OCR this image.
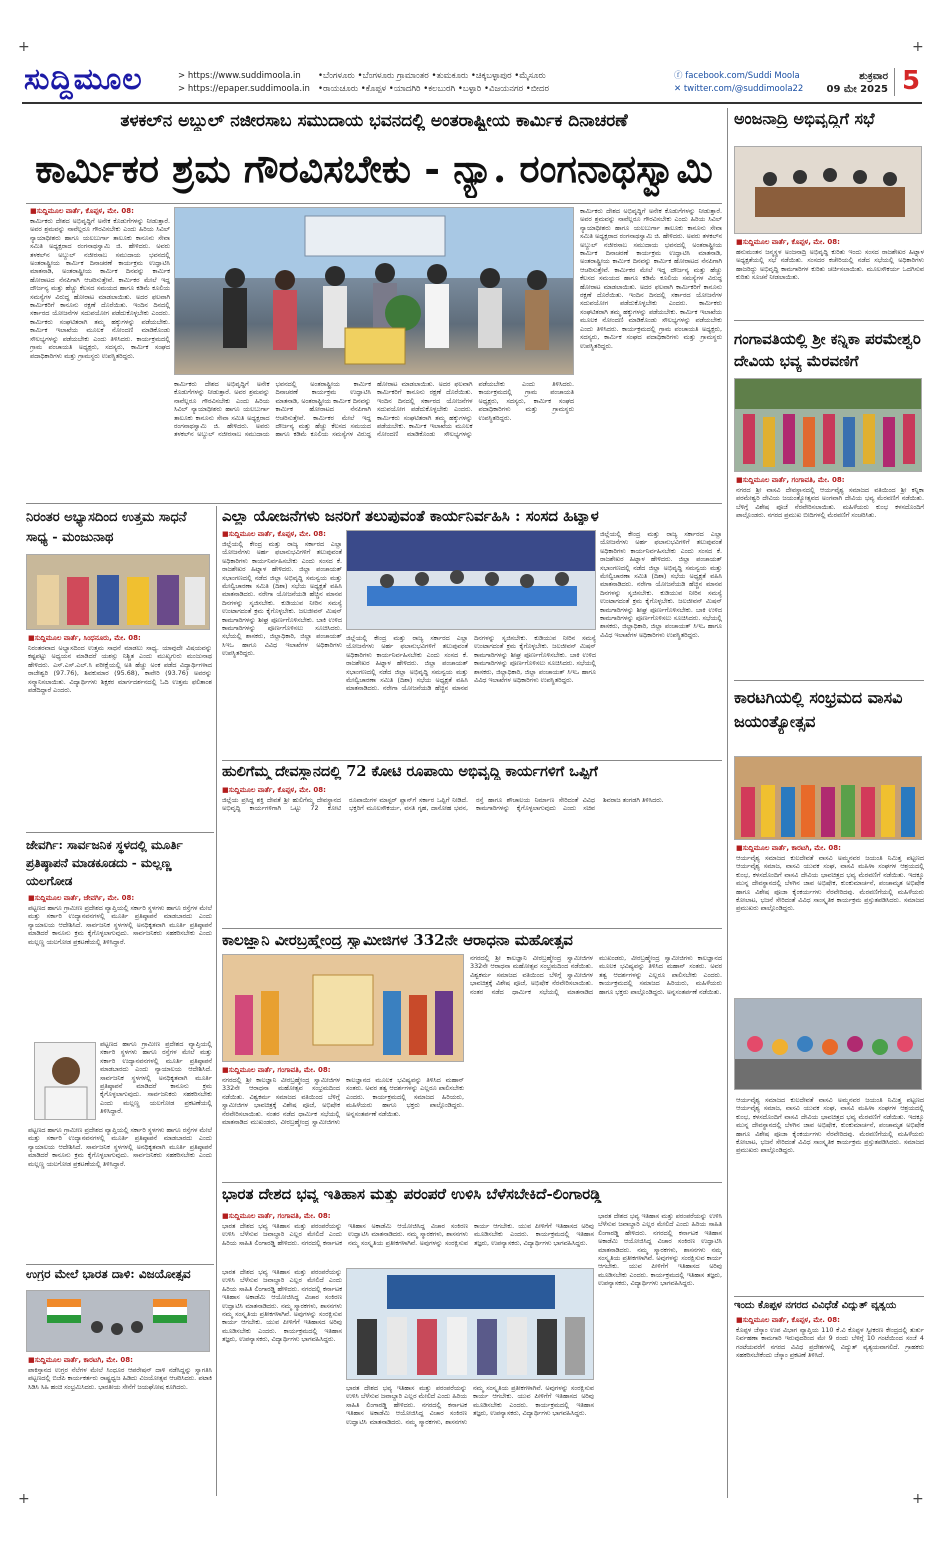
+	+
+	+
ಸುದ್ದಿಮೂಲ	> https://www.suddimoola.in
> https://epaper.suddimoola.in
•ಬೆಂಗಳೂರು •ಬೆಂಗಳೂರು ಗ್ರಾಮಾಂತರ •ತುಮಕೂರು •ಚಿಕ್ಕಬಳ್ಳಾಪುರ •ಮೈಸೂರು
•ರಾಯಚೂರು •ಕೊಪ್ಪಳ •ಯಾದಗಿರಿ •ಕಲಬುರಗಿ •ಬಳ್ಳಾರಿ •ವಿಜಯನಗರ •ಬೀದರ
ⓕ facebook.com/Suddi Moola
✕ twitter.com/@suddimoola22
ಶುಕ್ರವಾರ
09 ಮೇ 2025 5
ತಳಕಲ್‌ನ ಅಬ್ದುಲ್ ನಜೀರಸಾಬ ಸಮುದಾಯ ಭವನದಲ್ಲಿ ಅಂತರಾಷ್ಟ್ರೀಯ ಕಾರ್ಮಿಕ ದಿನಾಚರಣೆ
ಕಾರ್ಮಿಕರ ಶ್ರಮ ಗೌರವಿಸಬೇಕು - ನ್ಯಾ. ರಂಗನಾಥಸ್ವಾಮಿ
■ಸುದ್ದಿಮೂಲ ವಾರ್ತೆ, ಕೊಪ್ಪಳ, ಮೇ. 08:
ಕಾರ್ಮಿಕರು ದೇಶದ ಅಭಿವೃದ್ಧಿಗೆ ಅನೇಕ ಕೊಡುಗೆಗಳನ್ನು ನೀಡುತ್ತಾರೆ. ಅವರ ಶ್ರಮವನ್ನು ನಾವೆಲ್ಲರೂ ಗೌರವಿಸಬೇಕು ಎಂದು ಹಿರಿಯ ಸಿವಿಲ್ ನ್ಯಾಯಾಧೀಶರು ಹಾಗೂ ಯಲಬುರ್ಗಾ ತಾಲೂಕು ಕಾನೂನು ಸೇವಾ ಸಮಿತಿ ಅಧ್ಯಕ್ಷರಾದ ರಂಗನಾಥಸ್ವಾಮಿ ಜಿ. ಹೇಳಿದರು. ಅವರು ತಳಕಲ್‌ನ ಅಬ್ದುಲ್ ನಜೀರಸಾಬ ಸಮುದಾಯ ಭವನದಲ್ಲಿ ಅಂತರಾಷ್ಟ್ರೀಯ ಕಾರ್ಮಿಕ ದಿನಾಚರಣೆ ಕಾರ್ಯಕ್ರಮ ಉದ್ಘಾಟಿಸಿ ಮಾತನಾಡಿ, ಅಂತರಾಷ್ಟ್ರೀಯ ಕಾರ್ಮಿಕ ದಿನವನ್ನು ಕಾರ್ಮಿಕ ಹೋರಾಟದ ನೆನಪಿಗಾಗಿ ಆಚರಿಸುತ್ತೇವೆ. ಕಾರ್ಮಿಕರ ಮೇಲೆ ಇದ್ದ ದೌರ್ಜನ್ಯ ಮತ್ತು ಹೆಚ್ಚು ಕೆಲಸದ ಸಮಯದ ಹಾಗೂ ಕಡಿಮೆ ಕೂಲಿಯ ಸಮಸ್ಯೆಗಳ ವಿರುದ್ಧ ಹೋರಾಟ ಮಾಡಲಾಯಿತು. ಅದರ ಫಲವಾಗಿ ಕಾರ್ಮಿಕರಿಗೆ ಕಾನೂನು ರಕ್ಷಣೆ ದೊರೆಯಿತು. ಇಂದಿನ ದಿನದಲ್ಲಿ ಸರ್ಕಾರದ ಯೋಜನೆಗಳ ಸದುಪಯೋಗ ಪಡೆದುಕೊಳ್ಳಬೇಕು ಎಂದರು. ಕಾರ್ಮಿಕರು ಸಂಘಟಿತರಾಗಿ ತಮ್ಮ ಹಕ್ಕುಗಳನ್ನು ಪಡೆಯಬೇಕು. ಕಾರ್ಮಿಕ ಇಲಾಖೆಯ ಮೂಲಕ ನೋಂದಣಿ ಮಾಡಿಕೊಂಡು ಸೌಲಭ್ಯಗಳನ್ನು ಪಡೆಯಬೇಕು ಎಂದು ತಿಳಿಸಿದರು. ಕಾರ್ಯಕ್ರಮದಲ್ಲಿ ಗ್ರಾಮ ಪಂಚಾಯತಿ ಅಧ್ಯಕ್ಷರು, ಸದಸ್ಯರು, ಕಾರ್ಮಿಕ ಸಂಘದ ಪದಾಧಿಕಾರಿಗಳು ಮತ್ತು ಗ್ರಾಮಸ್ಥರು ಉಪಸ್ಥಿತರಿದ್ದರು.
ಕಾರ್ಮಿಕರು ದೇಶದ ಅಭಿವೃದ್ಧಿಗೆ ಅನೇಕ ಕೊಡುಗೆಗಳನ್ನು ನೀಡುತ್ತಾರೆ. ಅವರ ಶ್ರಮವನ್ನು ನಾವೆಲ್ಲರೂ ಗೌರವಿಸಬೇಕು ಎಂದು ಹಿರಿಯ ಸಿವಿಲ್ ನ್ಯಾಯಾಧೀಶರು ಹಾಗೂ ಯಲಬುರ್ಗಾ ತಾಲೂಕು ಕಾನೂನು ಸೇವಾ ಸಮಿತಿ ಅಧ್ಯಕ್ಷರಾದ ರಂಗನಾಥಸ್ವಾಮಿ ಜಿ. ಹೇಳಿದರು. ಅವರು ತಳಕಲ್‌ನ ಅಬ್ದುಲ್ ನಜೀರಸಾಬ ಸಮುದಾಯ ಭವನದಲ್ಲಿ ಅಂತರಾಷ್ಟ್ರೀಯ ಕಾರ್ಮಿಕ ದಿನಾಚರಣೆ ಕಾರ್ಯಕ್ರಮ ಉದ್ಘಾಟಿಸಿ ಮಾತನಾಡಿ, ಅಂತರಾಷ್ಟ್ರೀಯ ಕಾರ್ಮಿಕ ದಿನವನ್ನು ಕಾರ್ಮಿಕ ಹೋರಾಟದ ನೆನಪಿಗಾಗಿ ಆಚರಿಸುತ್ತೇವೆ. ಕಾರ್ಮಿಕರ ಮೇಲೆ ಇದ್ದ ದೌರ್ಜನ್ಯ ಮತ್ತು ಹೆಚ್ಚು ಕೆಲಸದ ಸಮಯದ ಹಾಗೂ ಕಡಿಮೆ ಕೂಲಿಯ ಸಮಸ್ಯೆಗಳ ವಿರುದ್ಧ ಹೋರಾಟ ಮಾಡಲಾಯಿತು. ಅದರ ಫಲವಾಗಿ ಕಾರ್ಮಿಕರಿಗೆ ಕಾನೂನು ರಕ್ಷಣೆ ದೊರೆಯಿತು. ಇಂದಿನ ದಿನದಲ್ಲಿ ಸರ್ಕಾರದ ಯೋಜನೆಗಳ ಸದುಪಯೋಗ ಪಡೆದುಕೊಳ್ಳಬೇಕು ಎಂದರು. ಕಾರ್ಮಿಕರು ಸಂಘಟಿತರಾಗಿ ತಮ್ಮ ಹಕ್ಕುಗಳನ್ನು ಪಡೆಯಬೇಕು. ಕಾರ್ಮಿಕ ಇಲಾಖೆಯ ಮೂಲಕ ನೋಂದಣಿ ಮಾಡಿಕೊಂಡು ಸೌಲಭ್ಯಗಳನ್ನು ಪಡೆಯಬೇಕು ಎಂದು ತಿಳಿಸಿದರು. ಕಾರ್ಯಕ್ರಮದಲ್ಲಿ ಗ್ರಾಮ ಪಂಚಾಯತಿ ಅಧ್ಯಕ್ಷರು, ಸದಸ್ಯರು, ಕಾರ್ಮಿಕ ಸಂಘದ ಪದಾಧಿಕಾರಿಗಳು ಮತ್ತು ಗ್ರಾಮಸ್ಥರು ಉಪಸ್ಥಿತರಿದ್ದರು.
ಕಾರ್ಮಿಕರು ದೇಶದ ಅಭಿವೃದ್ಧಿಗೆ ಅನೇಕ ಕೊಡುಗೆಗಳನ್ನು ನೀಡುತ್ತಾರೆ. ಅವರ ಶ್ರಮವನ್ನು ನಾವೆಲ್ಲರೂ ಗೌರವಿಸಬೇಕು ಎಂದು ಹಿರಿಯ ಸಿವಿಲ್ ನ್ಯಾಯಾಧೀಶರು ಹಾಗೂ ಯಲಬುರ್ಗಾ ತಾಲೂಕು ಕಾನೂನು ಸೇವಾ ಸಮಿತಿ ಅಧ್ಯಕ್ಷರಾದ ರಂಗನಾಥಸ್ವಾಮಿ ಜಿ. ಹೇಳಿದರು. ಅವರು ತಳಕಲ್‌ನ ಅಬ್ದುಲ್ ನಜೀರಸಾಬ ಸಮುದಾಯ ಭವನದಲ್ಲಿ ಅಂತರಾಷ್ಟ್ರೀಯ ಕಾರ್ಮಿಕ ದಿನಾಚರಣೆ ಕಾರ್ಯಕ್ರಮ ಉದ್ಘಾಟಿಸಿ ಮಾತನಾಡಿ, ಅಂತರಾಷ್ಟ್ರೀಯ ಕಾರ್ಮಿಕ ದಿನವನ್ನು ಕಾರ್ಮಿಕ ಹೋರಾಟದ ನೆನಪಿಗಾಗಿ ಆಚರಿಸುತ್ತೇವೆ. ಕಾರ್ಮಿಕರ ಮೇಲೆ ಇದ್ದ ದೌರ್ಜನ್ಯ ಮತ್ತು ಹೆಚ್ಚು ಕೆಲಸದ ಸಮಯದ ಹಾಗೂ ಕಡಿಮೆ ಕೂಲಿಯ ಸಮಸ್ಯೆಗಳ ವಿರುದ್ಧ ಹೋರಾಟ ಮಾಡಲಾಯಿತು. ಅದರ ಫಲವಾಗಿ ಕಾರ್ಮಿಕರಿಗೆ ಕಾನೂನು ರಕ್ಷಣೆ ದೊರೆಯಿತು. ಇಂದಿನ ದಿನದಲ್ಲಿ ಸರ್ಕಾರದ ಯೋಜನೆಗಳ ಸದುಪಯೋಗ ಪಡೆದುಕೊಳ್ಳಬೇಕು ಎಂದರು. ಕಾರ್ಮಿಕರು ಸಂಘಟಿತರಾಗಿ ತಮ್ಮ ಹಕ್ಕುಗಳನ್ನು ಪಡೆಯಬೇಕು. ಕಾರ್ಮಿಕ ಇಲಾಖೆಯ ಮೂಲಕ ನೋಂದಣಿ ಮಾಡಿಕೊಂಡು ಸೌಲಭ್ಯಗಳನ್ನು ಪಡೆಯಬೇಕು ಎಂದು ತಿಳಿಸಿದರು. ಕಾರ್ಯಕ್ರಮದಲ್ಲಿ ಗ್ರಾಮ ಪಂಚಾಯತಿ ಅಧ್ಯಕ್ಷರು, ಸದಸ್ಯರು, ಕಾರ್ಮಿಕ ಸಂಘದ ಪದಾಧಿಕಾರಿಗಳು ಮತ್ತು ಗ್ರಾಮಸ್ಥರು ಉಪಸ್ಥಿತರಿದ್ದರು.
ಅಂಜನಾದ್ರಿ ಅಭಿವೃದ್ಧಿಗೆ ಸಭೆ
■ಸುದ್ದಿಮೂಲ ವಾರ್ತೆ, ಕೊಪ್ಪಳ, ಮೇ. 08:
ಹನುಮಂತನ ಜನ್ಮಸ್ಥಳ ಅಂಜನಾದ್ರಿ ಅಭಿವೃದ್ಧಿ ಕುರಿತು ಇಂದು ಸಂಸದ ರಾಜಶೇಖರ ಹಿಟ್ನಾಳ ಅಧ್ಯಕ್ಷತೆಯಲ್ಲಿ ಸಭೆ ನಡೆಯಿತು. ಸಂಸದರ ಕಚೇರಿಯಲ್ಲಿ ನಡೆದ ಸಭೆಯಲ್ಲಿ ಅಧಿಕಾರಿಗಳು ಹಾಜರಿದ್ದು ಅಭಿವೃದ್ಧಿ ಕಾಮಗಾರಿಗಳ ಕುರಿತು ಚರ್ಚಿಸಲಾಯಿತು. ಮೂಲಸೌಕರ್ಯ ಒದಗಿಸುವ ಕುರಿತು ಸೂಚನೆ ನೀಡಲಾಯಿತು.
ಗಂಗಾವತಿಯಲ್ಲಿ ಶ್ರೀ ಕನ್ನಿಕಾ ಪರಮೇಶ್ವರಿ ದೇವಿಯ ಭವ್ಯ ಮೆರವಣಿಗೆ
■ಸುದ್ದಿಮೂಲ ವಾರ್ತೆ, ಗಂಗಾವತಿ, ಮೇ. 08:
ನಗರದ ಶ್ರೀ ವಾಸವಿ ದೇವಸ್ಥಾನದಲ್ಲಿ ಆರ್ಯವೈಶ್ಯ ಸಮಾಜದ ವತಿಯಿಂದ ಶ್ರೀ ಕನ್ನಿಕಾ ಪರಮೇಶ್ವರಿ ದೇವಿಯ ಜಯಂತ್ಯೋತ್ಸವದ ಅಂಗವಾಗಿ ದೇವಿಯ ಭವ್ಯ ಮೆರವಣಿಗೆ ನಡೆಯಿತು. ಬೆಳಿಗ್ಗೆ ವಿಶೇಷ ಪೂಜೆ ನೆರವೇರಿಸಲಾಯಿತು. ಮಹಿಳೆಯರು ಕುಂಭ ಕಳಸದೊಂದಿಗೆ ಪಾಲ್ಗೊಂಡರು. ನಗರದ ಪ್ರಮುಖ ಬೀದಿಗಳಲ್ಲಿ ಮೆರವಣಿಗೆ ಸಂಚರಿಸಿತು.
ಕಾರಟಗಿಯಲ್ಲಿ ಸಂಭ್ರಮದ ವಾಸವಿ ಜಯಂತ್ಯೋತ್ಸವ
■ಸುದ್ದಿಮೂಲ ವಾರ್ತೆ, ಕಾರಟಗಿ, ಮೇ. 08:
ಆರ್ಯವೈಶ್ಯ ಸಮಾಜದ ಕುಲದೇವತೆ ವಾಸವಿ ಅಮ್ಮನವರ ಜಯಂತಿ ನಿಮಿತ್ತ ಪಟ್ಟಣದ ಆರ್ಯವೈಶ್ಯ ಸಮಾಜ, ವಾಸವಿ ಯುವಕ ಸಂಘ, ವಾಸವಿ ಮಹಿಳಾ ಸಂಘಗಳ ಆಶ್ರಯದಲ್ಲಿ ಕುಂಭ, ಕಳಸದೊಂದಿಗೆ ವಾಸವಿ ದೇವಿಯ ಭಾವಚಿತ್ರದ ಭವ್ಯ ಮೆರವಣಿಗೆ ನಡೆಯಿತು. ಇದಕ್ಕೂ ಮುನ್ನ ದೇವಸ್ಥಾನದಲ್ಲಿ ಬೆಳಗಿನ ಜಾವ ಅಭಿಷೇಕ, ಕುಂಕುಮಾರ್ಚನೆ, ಪಂಚಾಮೃತ ಅಭಿಷೇಕ ಹಾಗೂ ವಿಶೇಷ ಪೂಜಾ ಕೈಂಕರ್ಯಗಳು ನೆರವೇರಿದವು. ಮೆರವಣಿಗೆಯಲ್ಲಿ ಮಹಿಳೆಯರು ಕೋಲಾಟ, ಭಜನೆ ಸೇರಿದಂತೆ ವಿವಿಧ ಸಾಂಸ್ಕೃತಿಕ ಕಾರ್ಯಕ್ರಮ ಪ್ರಸ್ತುತಪಡಿಸಿದರು. ಸಮಾಜದ ಪ್ರಮುಖರು ಪಾಲ್ಗೊಂಡಿದ್ದರು.
ಆರ್ಯವೈಶ್ಯ ಸಮಾಜದ ಕುಲದೇವತೆ ವಾಸವಿ ಅಮ್ಮನವರ ಜಯಂತಿ ನಿಮಿತ್ತ ಪಟ್ಟಣದ ಆರ್ಯವೈಶ್ಯ ಸಮಾಜ, ವಾಸವಿ ಯುವಕ ಸಂಘ, ವಾಸವಿ ಮಹಿಳಾ ಸಂಘಗಳ ಆಶ್ರಯದಲ್ಲಿ ಕುಂಭ, ಕಳಸದೊಂದಿಗೆ ವಾಸವಿ ದೇವಿಯ ಭಾವಚಿತ್ರದ ಭವ್ಯ ಮೆರವಣಿಗೆ ನಡೆಯಿತು. ಇದಕ್ಕೂ ಮುನ್ನ ದೇವಸ್ಥಾನದಲ್ಲಿ ಬೆಳಗಿನ ಜಾವ ಅಭಿಷೇಕ, ಕುಂಕುಮಾರ್ಚನೆ, ಪಂಚಾಮೃತ ಅಭಿಷೇಕ ಹಾಗೂ ವಿಶೇಷ ಪೂಜಾ ಕೈಂಕರ್ಯಗಳು ನೆರವೇರಿದವು. ಮೆರವಣಿಗೆಯಲ್ಲಿ ಮಹಿಳೆಯರು ಕೋಲಾಟ, ಭಜನೆ ಸೇರಿದಂತೆ ವಿವಿಧ ಸಾಂಸ್ಕೃತಿಕ ಕಾರ್ಯಕ್ರಮ ಪ್ರಸ್ತುತಪಡಿಸಿದರು. ಸಮಾಜದ ಪ್ರಮುಖರು ಪಾಲ್ಗೊಂಡಿದ್ದರು.
ಇಂದು ಕೊಪ್ಪಳ ನಗರದ ವಿವಿಧೆಡೆ ವಿದ್ಯುತ್ ವ್ಯತ್ಯಯ
■ಸುದ್ದಿಮೂಲ ವಾರ್ತೆ, ಕೊಪ್ಪಳ, ಮೇ. 08:
ಕೊಪ್ಪಳ ಜೆಸ್ಕಾಂ ಉಪ ವಿಭಾಗ ವ್ಯಾಪ್ತಿಯ 110 ಕೆ.ವಿ ಕೊಪ್ಪಳ ಸ್ವೀಕರಣ ಕೇಂದ್ರದಲ್ಲಿ ತುರ್ತು ನಿರ್ವಹಣಾ ಕಾಮಗಾರಿ ಇರುವುದರಿಂದ ಮೇ 9 ರಂದು ಬೆಳಿಗ್ಗೆ 10 ಗಂಟೆಯಿಂದ ಸಂಜೆ 4 ಗಂಟೆಯವರೆಗೆ ನಗರದ ವಿವಿಧ ಪ್ರದೇಶಗಳಲ್ಲಿ ವಿದ್ಯುತ್ ವ್ಯತ್ಯಯವಾಗಲಿದೆ. ಗ್ರಾಹಕರು ಸಹಕರಿಸಬೇಕೆಂದು ಜೆಸ್ಕಾಂ ಪ್ರಕಟಣೆ ತಿಳಿಸಿದೆ.
ನಿರಂತರ ಅಭ್ಯಾಸದಿಂದ ಉತ್ತಮ ಸಾಧನೆ ಸಾಧ್ಯ - ಮಂಜುನಾಥ
■ಸುದ್ದಿಮೂಲ ವಾರ್ತೆ, ಸಿಂಧನೂರು, ಮೇ. 08:
ನಿರಂತರವಾದ ಅಭ್ಯಾಸದಿಂದ ಉತ್ತಮ ಸಾಧನೆ ಮಾಡಲು ಸಾಧ್ಯ. ಯಾವುದೇ ವಿಷಯವನ್ನು ಕಷ್ಟಪಟ್ಟು ಅಧ್ಯಯನ ಮಾಡಿದರೆ ಯಶಸ್ಸು ನಿಶ್ಚಿತ ಎಂದು ಮುಖ್ಯಗುರು ಮಂಜುನಾಥ ಹೇಳಿದರು. ಎಸ್.ಎಸ್.ಎಲ್.ಸಿ ಪರೀಕ್ಷೆಯಲ್ಲಿ ಅತಿ ಹೆಚ್ಚು ಅಂಕ ಪಡೆದ ವಿದ್ಯಾರ್ಥಿಗಳಾದ ರಾಜೇಶ್ವರಿ (97.76), ಶಿವಕುಮಾರ (95.68), ಕಾವೇರಿ (93.76) ಅವರನ್ನು ಸನ್ಮಾನಿಸಲಾಯಿತು. ವಿದ್ಯಾರ್ಥಿಗಳು ಶಿಕ್ಷಕರ ಮಾರ್ಗದರ್ಶನದಲ್ಲಿ ಓದಿ ಉತ್ತಮ ಫಲಿತಾಂಶ ಪಡೆದಿದ್ದಾರೆ ಎಂದರು.
ಜೇವರ್ಗಿ: ಸಾರ್ವಜನಿಕ ಸ್ಥಳದಲ್ಲಿ ಮೂರ್ತಿ ಪ್ರತಿಷ್ಠಾಪನೆ ಮಾಡಕೂಡದು - ಮಲ್ಲಣ್ಣ ಯಲಗೋಡ
■ಸುದ್ದಿಮೂಲ ವಾರ್ತೆ, ಜೇವರ್ಗಿ, ಮೇ. 08:
ಪಟ್ಟಣದ ಹಾಗೂ ಗ್ರಾಮೀಣ ಪ್ರದೇಶದ ವ್ಯಾಪ್ತಿಯಲ್ಲಿ ಸರ್ಕಾರಿ ಸ್ಥಳಗಳು ಹಾಗೂ ರಸ್ತೆಗಳ ಮೇಲೆ ಮತ್ತು ಸರ್ಕಾರಿ ಉದ್ಯಾನವನಗಳಲ್ಲಿ ಮೂರ್ತಿ ಪ್ರತಿಷ್ಠಾಪನೆ ಮಾಡಬಾರದು ಎಂದು ನ್ಯಾಯಾಲಯ ಆದೇಶಿಸಿದೆ. ಸಾರ್ವಜನಿಕ ಸ್ಥಳಗಳಲ್ಲಿ ಅನಧಿಕೃತವಾಗಿ ಮೂರ್ತಿ ಪ್ರತಿಷ್ಠಾಪನೆ ಮಾಡಿದರೆ ಕಾನೂನು ಕ್ರಮ ಕೈಗೊಳ್ಳಲಾಗುವುದು. ಸಾರ್ವಜನಿಕರು ಸಹಕರಿಸಬೇಕು ಎಂದು ಮಲ್ಲಣ್ಣ ಯಲಗೋಡ ಪ್ರಕಟಣೆಯಲ್ಲಿ ತಿಳಿಸಿದ್ದಾರೆ.
ಪಟ್ಟಣದ ಹಾಗೂ ಗ್ರಾಮೀಣ ಪ್ರದೇಶದ ವ್ಯಾಪ್ತಿಯಲ್ಲಿ ಸರ್ಕಾರಿ ಸ್ಥಳಗಳು ಹಾಗೂ ರಸ್ತೆಗಳ ಮೇಲೆ ಮತ್ತು ಸರ್ಕಾರಿ ಉದ್ಯಾನವನಗಳಲ್ಲಿ ಮೂರ್ತಿ ಪ್ರತಿಷ್ಠಾಪನೆ ಮಾಡಬಾರದು ಎಂದು ನ್ಯಾಯಾಲಯ ಆದೇಶಿಸಿದೆ. ಸಾರ್ವಜನಿಕ ಸ್ಥಳಗಳಲ್ಲಿ ಅನಧಿಕೃತವಾಗಿ ಮೂರ್ತಿ ಪ್ರತಿಷ್ಠಾಪನೆ ಮಾಡಿದರೆ ಕಾನೂನು ಕ್ರಮ ಕೈಗೊಳ್ಳಲಾಗುವುದು. ಸಾರ್ವಜನಿಕರು ಸಹಕರಿಸಬೇಕು ಎಂದು ಮಲ್ಲಣ್ಣ ಯಲಗೋಡ ಪ್ರಕಟಣೆಯಲ್ಲಿ ತಿಳಿಸಿದ್ದಾರೆ.
ಪಟ್ಟಣದ ಹಾಗೂ ಗ್ರಾಮೀಣ ಪ್ರದೇಶದ ವ್ಯಾಪ್ತಿಯಲ್ಲಿ ಸರ್ಕಾರಿ ಸ್ಥಳಗಳು ಹಾಗೂ ರಸ್ತೆಗಳ ಮೇಲೆ ಮತ್ತು ಸರ್ಕಾರಿ ಉದ್ಯಾನವನಗಳಲ್ಲಿ ಮೂರ್ತಿ ಪ್ರತಿಷ್ಠಾಪನೆ ಮಾಡಬಾರದು ಎಂದು ನ್ಯಾಯಾಲಯ ಆದೇಶಿಸಿದೆ. ಸಾರ್ವಜನಿಕ ಸ್ಥಳಗಳಲ್ಲಿ ಅನಧಿಕೃತವಾಗಿ ಮೂರ್ತಿ ಪ್ರತಿಷ್ಠಾಪನೆ ಮಾಡಿದರೆ ಕಾನೂನು ಕ್ರಮ ಕೈಗೊಳ್ಳಲಾಗುವುದು. ಸಾರ್ವಜನಿಕರು ಸಹಕರಿಸಬೇಕು ಎಂದು ಮಲ್ಲಣ್ಣ ಯಲಗೋಡ ಪ್ರಕಟಣೆಯಲ್ಲಿ ತಿಳಿಸಿದ್ದಾರೆ.
ಉಗ್ರರ ಮೇಲೆ ಭಾರತ ದಾಳಿ: ವಿಜಯೋತ್ಸವ
■ಸುದ್ದಿಮೂಲ ವಾರ್ತೆ, ಕಾರಟಗಿ, ಮೇ. 08:
ಪಾಕಿಸ್ತಾನದ ಉಗ್ರರ ನೆಲೆಗಳ ಮೇಲೆ ಸಿಂಧೂರ ಆಪರೇಷನ್ ದಾಳಿ ನಡೆಸಿದ್ದನ್ನು ಸ್ವಾಗತಿಸಿ ಪಟ್ಟಣದಲ್ಲಿ ಬಿಜೆಪಿ ಕಾರ್ಯಕರ್ತರು ರಾಷ್ಟ್ರಧ್ವಜ ಹಿಡಿದು ವಿಜಯೋತ್ಸವ ಆಚರಿಸಿದರು. ಪಟಾಕಿ ಸಿಡಿಸಿ ಸಿಹಿ ಹಂಚಿ ಸಂಭ್ರಮಿಸಿದರು. ಭಾರತೀಯ ಸೇನೆಗೆ ಜಯಘೋಷ ಕೂಗಿದರು.
ಎಲ್ಲಾ ಯೋಜನೆಗಳು ಜನರಿಗೆ ತಲುಪುವಂತೆ ಕಾರ್ಯನಿರ್ವಹಿಸಿ : ಸಂಸದ ಹಿಟ್ನಾಳ
■ಸುದ್ದಿಮೂಲ ವಾರ್ತೆ, ಕೊಪ್ಪಳ, ಮೇ. 08:
ಜಿಲ್ಲೆಯಲ್ಲಿ ಕೇಂದ್ರ ಮತ್ತು ರಾಜ್ಯ ಸರ್ಕಾರದ ಎಲ್ಲಾ ಯೋಜನೆಗಳು ಅರ್ಹ ಫಲಾನುಭವಿಗಳಿಗೆ ತಲುಪುವಂತೆ ಅಧಿಕಾರಿಗಳು ಕಾರ್ಯನಿರ್ವಹಿಸಬೇಕು ಎಂದು ಸಂಸದ ಕೆ. ರಾಜಶೇಖರ ಹಿಟ್ನಾಳ ಹೇಳಿದರು. ಜಿಲ್ಲಾ ಪಂಚಾಯತ್ ಸಭಾಂಗಣದಲ್ಲಿ ನಡೆದ ಜಿಲ್ಲಾ ಅಭಿವೃದ್ಧಿ ಸಮನ್ವಯ ಮತ್ತು ಮೇಲ್ವಿಚಾರಣಾ ಸಮಿತಿ (ದಿಶಾ) ಸಭೆಯ ಅಧ್ಯಕ್ಷತೆ ವಹಿಸಿ ಮಾತನಾಡಿದರು. ನರೇಗಾ ಯೋಜನೆಯಡಿ ಹೆಚ್ಚಿನ ಮಾನವ ದಿನಗಳನ್ನು ಸೃಜಿಸಬೇಕು. ಕುಡಿಯುವ ನೀರಿನ ಸಮಸ್ಯೆ ಉಂಟಾಗದಂತೆ ಕ್ರಮ ಕೈಗೊಳ್ಳಬೇಕು. ಜಲಜೀವನ್ ಮಿಷನ್ ಕಾಮಗಾರಿಗಳನ್ನು ಶೀಘ್ರ ಪೂರ್ಣಗೊಳಿಸಬೇಕು. ಬಾಕಿ ಉಳಿದ ಕಾಮಗಾರಿಗಳನ್ನು ಪೂರ್ಣಗೊಳಿಸಲು ಸೂಚಿಸಿದರು. ಸಭೆಯಲ್ಲಿ ಶಾಸಕರು, ಜಿಲ್ಲಾಧಿಕಾರಿ, ಜಿಲ್ಲಾ ಪಂಚಾಯತ್ ಸಿಇಒ ಹಾಗೂ ವಿವಿಧ ಇಲಾಖೆಗಳ ಅಧಿಕಾರಿಗಳು ಉಪಸ್ಥಿತರಿದ್ದರು.
ಜಿಲ್ಲೆಯಲ್ಲಿ ಕೇಂದ್ರ ಮತ್ತು ರಾಜ್ಯ ಸರ್ಕಾರದ ಎಲ್ಲಾ ಯೋಜನೆಗಳು ಅರ್ಹ ಫಲಾನುಭವಿಗಳಿಗೆ ತಲುಪುವಂತೆ ಅಧಿಕಾರಿಗಳು ಕಾರ್ಯನಿರ್ವಹಿಸಬೇಕು ಎಂದು ಸಂಸದ ಕೆ. ರಾಜಶೇಖರ ಹಿಟ್ನಾಳ ಹೇಳಿದರು. ಜಿಲ್ಲಾ ಪಂಚಾಯತ್ ಸಭಾಂಗಣದಲ್ಲಿ ನಡೆದ ಜಿಲ್ಲಾ ಅಭಿವೃದ್ಧಿ ಸಮನ್ವಯ ಮತ್ತು ಮೇಲ್ವಿಚಾರಣಾ ಸಮಿತಿ (ದಿಶಾ) ಸಭೆಯ ಅಧ್ಯಕ್ಷತೆ ವಹಿಸಿ ಮಾತನಾಡಿದರು. ನರೇಗಾ ಯೋಜನೆಯಡಿ ಹೆಚ್ಚಿನ ಮಾನವ ದಿನಗಳನ್ನು ಸೃಜಿಸಬೇಕು. ಕುಡಿಯುವ ನೀರಿನ ಸಮಸ್ಯೆ ಉಂಟಾಗದಂತೆ ಕ್ರಮ ಕೈಗೊಳ್ಳಬೇಕು. ಜಲಜೀವನ್ ಮಿಷನ್ ಕಾಮಗಾರಿಗಳನ್ನು ಶೀಘ್ರ ಪೂರ್ಣಗೊಳಿಸಬೇಕು. ಬಾಕಿ ಉಳಿದ ಕಾಮಗಾರಿಗಳನ್ನು ಪೂರ್ಣಗೊಳಿಸಲು ಸೂಚಿಸಿದರು. ಸಭೆಯಲ್ಲಿ ಶಾಸಕರು, ಜಿಲ್ಲಾಧಿಕಾರಿ, ಜಿಲ್ಲಾ ಪಂಚಾಯತ್ ಸಿಇಒ ಹಾಗೂ ವಿವಿಧ ಇಲಾಖೆಗಳ ಅಧಿಕಾರಿಗಳು ಉಪಸ್ಥಿತರಿದ್ದರು.
ಜಿಲ್ಲೆಯಲ್ಲಿ ಕೇಂದ್ರ ಮತ್ತು ರಾಜ್ಯ ಸರ್ಕಾರದ ಎಲ್ಲಾ ಯೋಜನೆಗಳು ಅರ್ಹ ಫಲಾನುಭವಿಗಳಿಗೆ ತಲುಪುವಂತೆ ಅಧಿಕಾರಿಗಳು ಕಾರ್ಯನಿರ್ವಹಿಸಬೇಕು ಎಂದು ಸಂಸದ ಕೆ. ರಾಜಶೇಖರ ಹಿಟ್ನಾಳ ಹೇಳಿದರು. ಜಿಲ್ಲಾ ಪಂಚಾಯತ್ ಸಭಾಂಗಣದಲ್ಲಿ ನಡೆದ ಜಿಲ್ಲಾ ಅಭಿವೃದ್ಧಿ ಸಮನ್ವಯ ಮತ್ತು ಮೇಲ್ವಿಚಾರಣಾ ಸಮಿತಿ (ದಿಶಾ) ಸಭೆಯ ಅಧ್ಯಕ್ಷತೆ ವಹಿಸಿ ಮಾತನಾಡಿದರು. ನರೇಗಾ ಯೋಜನೆಯಡಿ ಹೆಚ್ಚಿನ ಮಾನವ ದಿನಗಳನ್ನು ಸೃಜಿಸಬೇಕು. ಕುಡಿಯುವ ನೀರಿನ ಸಮಸ್ಯೆ ಉಂಟಾಗದಂತೆ ಕ್ರಮ ಕೈಗೊಳ್ಳಬೇಕು. ಜಲಜೀವನ್ ಮಿಷನ್ ಕಾಮಗಾರಿಗಳನ್ನು ಶೀಘ್ರ ಪೂರ್ಣಗೊಳಿಸಬೇಕು. ಬಾಕಿ ಉಳಿದ ಕಾಮಗಾರಿಗಳನ್ನು ಪೂರ್ಣಗೊಳಿಸಲು ಸೂಚಿಸಿದರು. ಸಭೆಯಲ್ಲಿ ಶಾಸಕರು, ಜಿಲ್ಲಾಧಿಕಾರಿ, ಜಿಲ್ಲಾ ಪಂಚಾಯತ್ ಸಿಇಒ ಹಾಗೂ ವಿವಿಧ ಇಲಾಖೆಗಳ ಅಧಿಕಾರಿಗಳು ಉಪಸ್ಥಿತರಿದ್ದರು.
ಹುಲಿಗೆಮ್ಮ ದೇವಸ್ಥಾನದಲ್ಲಿ 72 ಕೋಟಿ ರೂಪಾಯಿ ಅಭಿವೃದ್ಧಿ ಕಾರ್ಯಗಳಿಗೆ ಒಪ್ಪಿಗೆ
■ಸುದ್ದಿಮೂಲ ವಾರ್ತೆ, ಕೊಪ್ಪಳ, ಮೇ. 08:
ಜಿಲ್ಲೆಯ ಪ್ರಸಿದ್ಧ ಶಕ್ತಿ ದೇವತೆ ಶ್ರೀ ಹುಲಿಗೆಮ್ಮ ದೇವಸ್ಥಾನದ ಅಭಿವೃದ್ಧಿ ಕಾರ್ಯಗಳಿಗಾಗಿ ಒಟ್ಟು 72 ಕೋಟಿ ರೂಪಾಯಿಗಳ ಮಾಸ್ಟರ್ ಪ್ಲಾನ್‌ಗೆ ಸರ್ಕಾರ ಒಪ್ಪಿಗೆ ನೀಡಿದೆ. ಭಕ್ತರಿಗೆ ಮೂಲಸೌಕರ್ಯ, ವಸತಿ ಗೃಹ, ದಾಸೋಹ ಭವನ, ರಸ್ತೆ ಹಾಗೂ ಶೌಚಾಲಯ ನಿರ್ಮಾಣ ಸೇರಿದಂತೆ ವಿವಿಧ ಕಾಮಗಾರಿಗಳನ್ನು ಕೈಗೊಳ್ಳಲಾಗುವುದು ಎಂದು ಸಚಿವ ಶಿವರಾಜ ತಂಗಡಗಿ ತಿಳಿಸಿದರು.
ಕಾಲಜ್ಞಾನಿ ವೀರಬ್ರಹ್ಮೇಂದ್ರ ಸ್ವಾಮೀಜಿಗಳ 332ನೇ ಆರಾಧನಾ ಮಹೋತ್ಸವ
■ಸುದ್ದಿಮೂಲ ವಾರ್ತೆ, ಗಂಗಾವತಿ, ಮೇ. 08:
ನಗರದಲ್ಲಿ ಶ್ರೀ ಕಾಲಜ್ಞಾನಿ ವೀರಬ್ರಹ್ಮೇಂದ್ರ ಸ್ವಾಮೀಜಿಗಳ 332ನೇ ಆರಾಧನಾ ಮಹೋತ್ಸವ ಸಂಭ್ರಮದಿಂದ ನಡೆಯಿತು. ವಿಶ್ವಕರ್ಮ ಸಮಾಜದ ವತಿಯಿಂದ ಬೆಳಿಗ್ಗೆ ಸ್ವಾಮೀಜಿಗಳ ಭಾವಚಿತ್ರಕ್ಕೆ ವಿಶೇಷ ಪೂಜೆ, ಅಭಿಷೇಕ ನೆರವೇರಿಸಲಾಯಿತು. ನಂತರ ನಡೆದ ಧಾರ್ಮಿಕ ಸಭೆಯಲ್ಲಿ ಮಾತನಾಡಿದ ಮುಖಂಡರು, ವೀರಬ್ರಹ್ಮೇಂದ್ರ ಸ್ವಾಮೀಜಿಗಳು ಕಾಲಜ್ಞಾನದ ಮೂಲಕ ಭವಿಷ್ಯವನ್ನು ತಿಳಿಸಿದ ಮಹಾನ್ ಸಂತರು. ಅವರ ತತ್ವ ಆದರ್ಶಗಳನ್ನು ಎಲ್ಲರೂ ಪಾಲಿಸಬೇಕು ಎಂದರು. ಕಾರ್ಯಕ್ರಮದಲ್ಲಿ ಸಮಾಜದ ಹಿರಿಯರು, ಮಹಿಳೆಯರು ಹಾಗೂ ಭಕ್ತರು ಪಾಲ್ಗೊಂಡಿದ್ದರು. ಅನ್ನಸಂತರ್ಪಣೆ ನಡೆಯಿತು.
ನಗರದಲ್ಲಿ ಶ್ರೀ ಕಾಲಜ್ಞಾನಿ ವೀರಬ್ರಹ್ಮೇಂದ್ರ ಸ್ವಾಮೀಜಿಗಳ 332ನೇ ಆರಾಧನಾ ಮಹೋತ್ಸವ ಸಂಭ್ರಮದಿಂದ ನಡೆಯಿತು. ವಿಶ್ವಕರ್ಮ ಸಮಾಜದ ವತಿಯಿಂದ ಬೆಳಿಗ್ಗೆ ಸ್ವಾಮೀಜಿಗಳ ಭಾವಚಿತ್ರಕ್ಕೆ ವಿಶೇಷ ಪೂಜೆ, ಅಭಿಷೇಕ ನೆರವೇರಿಸಲಾಯಿತು. ನಂತರ ನಡೆದ ಧಾರ್ಮಿಕ ಸಭೆಯಲ್ಲಿ ಮಾತನಾಡಿದ ಮುಖಂಡರು, ವೀರಬ್ರಹ್ಮೇಂದ್ರ ಸ್ವಾಮೀಜಿಗಳು ಕಾಲಜ್ಞಾನದ ಮೂಲಕ ಭವಿಷ್ಯವನ್ನು ತಿಳಿಸಿದ ಮಹಾನ್ ಸಂತರು. ಅವರ ತತ್ವ ಆದರ್ಶಗಳನ್ನು ಎಲ್ಲರೂ ಪಾಲಿಸಬೇಕು ಎಂದರು. ಕಾರ್ಯಕ್ರಮದಲ್ಲಿ ಸಮಾಜದ ಹಿರಿಯರು, ಮಹಿಳೆಯರು ಹಾಗೂ ಭಕ್ತರು ಪಾಲ್ಗೊಂಡಿದ್ದರು. ಅನ್ನಸಂತರ್ಪಣೆ ನಡೆಯಿತು.
ಭಾರತ ದೇಶದ ಭವ್ಯ ಇತಿಹಾಸ ಮತ್ತು ಪರಂಪರೆ ಉಳಿಸಿ ಬೆಳೆಸಬೇಕಿದೆ-ಲಿಂಗಾರಡ್ಡಿ
■ಸುದ್ದಿಮೂಲ ವಾರ್ತೆ, ಗಂಗಾವತಿ, ಮೇ. 08:
ಭಾರತ ದೇಶದ ಭವ್ಯ ಇತಿಹಾಸ ಮತ್ತು ಪರಂಪರೆಯನ್ನು ಉಳಿಸಿ ಬೆಳೆಸುವ ಜವಾಬ್ದಾರಿ ಎಲ್ಲರ ಮೇಲಿದೆ ಎಂದು ಹಿರಿಯ ಸಾಹಿತಿ ಲಿಂಗಾರಡ್ಡಿ ಹೇಳಿದರು. ನಗರದಲ್ಲಿ ಕರ್ನಾಟಕ ಇತಿಹಾಸ ಅಕಾಡೆಮಿ ಆಯೋಜಿಸಿದ್ದ ವಿಚಾರ ಸಂಕಿರಣ ಉದ್ಘಾಟಿಸಿ ಮಾತನಾಡಿದರು. ನಮ್ಮ ಸ್ಮಾರಕಗಳು, ಶಾಸನಗಳು ನಮ್ಮ ಸಂಸ್ಕೃತಿಯ ಪ್ರತೀಕಗಳಾಗಿವೆ. ಅವುಗಳನ್ನು ಸಂರಕ್ಷಿಸುವ ಕಾರ್ಯ ಆಗಬೇಕು. ಯುವ ಪೀಳಿಗೆಗೆ ಇತಿಹಾಸದ ಅರಿವು ಮೂಡಿಸಬೇಕು ಎಂದರು. ಕಾರ್ಯಕ್ರಮದಲ್ಲಿ ಇತಿಹಾಸ ತಜ್ಞರು, ಉಪನ್ಯಾಸಕರು, ವಿದ್ಯಾರ್ಥಿಗಳು ಭಾಗವಹಿಸಿದ್ದರು.
ಭಾರತ ದೇಶದ ಭವ್ಯ ಇತಿಹಾಸ ಮತ್ತು ಪರಂಪರೆಯನ್ನು ಉಳಿಸಿ ಬೆಳೆಸುವ ಜವಾಬ್ದಾರಿ ಎಲ್ಲರ ಮೇಲಿದೆ ಎಂದು ಹಿರಿಯ ಸಾಹಿತಿ ಲಿಂಗಾರಡ್ಡಿ ಹೇಳಿದರು. ನಗರದಲ್ಲಿ ಕರ್ನಾಟಕ ಇತಿಹಾಸ ಅಕಾಡೆಮಿ ಆಯೋಜಿಸಿದ್ದ ವಿಚಾರ ಸಂಕಿರಣ ಉದ್ಘಾಟಿಸಿ ಮಾತನಾಡಿದರು. ನಮ್ಮ ಸ್ಮಾರಕಗಳು, ಶಾಸನಗಳು ನಮ್ಮ ಸಂಸ್ಕೃತಿಯ ಪ್ರತೀಕಗಳಾಗಿವೆ. ಅವುಗಳನ್ನು ಸಂರಕ್ಷಿಸುವ ಕಾರ್ಯ ಆಗಬೇಕು. ಯುವ ಪೀಳಿಗೆಗೆ ಇತಿಹಾಸದ ಅರಿವು ಮೂಡಿಸಬೇಕು ಎಂದರು. ಕಾರ್ಯಕ್ರಮದಲ್ಲಿ ಇತಿಹಾಸ ತಜ್ಞರು, ಉಪನ್ಯಾಸಕರು, ವಿದ್ಯಾರ್ಥಿಗಳು ಭಾಗವಹಿಸಿದ್ದರು.
ಭಾರತ ದೇಶದ ಭವ್ಯ ಇತಿಹಾಸ ಮತ್ತು ಪರಂಪರೆಯನ್ನು ಉಳಿಸಿ ಬೆಳೆಸುವ ಜವಾಬ್ದಾರಿ ಎಲ್ಲರ ಮೇಲಿದೆ ಎಂದು ಹಿರಿಯ ಸಾಹಿತಿ ಲಿಂಗಾರಡ್ಡಿ ಹೇಳಿದರು. ನಗರದಲ್ಲಿ ಕರ್ನಾಟಕ ಇತಿಹಾಸ ಅಕಾಡೆಮಿ ಆಯೋಜಿಸಿದ್ದ ವಿಚಾರ ಸಂಕಿರಣ ಉದ್ಘಾಟಿಸಿ ಮಾತನಾಡಿದರು. ನಮ್ಮ ಸ್ಮಾರಕಗಳು, ಶಾಸನಗಳು ನಮ್ಮ ಸಂಸ್ಕೃತಿಯ ಪ್ರತೀಕಗಳಾಗಿವೆ. ಅವುಗಳನ್ನು ಸಂರಕ್ಷಿಸುವ ಕಾರ್ಯ ಆಗಬೇಕು. ಯುವ ಪೀಳಿಗೆಗೆ ಇತಿಹಾಸದ ಅರಿವು ಮೂಡಿಸಬೇಕು ಎಂದರು. ಕಾರ್ಯಕ್ರಮದಲ್ಲಿ ಇತಿಹಾಸ ತಜ್ಞರು, ಉಪನ್ಯಾಸಕರು, ವಿದ್ಯಾರ್ಥಿಗಳು ಭಾಗವಹಿಸಿದ್ದರು.
ಭಾರತ ದೇಶದ ಭವ್ಯ ಇತಿಹಾಸ ಮತ್ತು ಪರಂಪರೆಯನ್ನು ಉಳಿಸಿ ಬೆಳೆಸುವ ಜವಾಬ್ದಾರಿ ಎಲ್ಲರ ಮೇಲಿದೆ ಎಂದು ಹಿರಿಯ ಸಾಹಿತಿ ಲಿಂಗಾರಡ್ಡಿ ಹೇಳಿದರು. ನಗರದಲ್ಲಿ ಕರ್ನಾಟಕ ಇತಿಹಾಸ ಅಕಾಡೆಮಿ ಆಯೋಜಿಸಿದ್ದ ವಿಚಾರ ಸಂಕಿರಣ ಉದ್ಘಾಟಿಸಿ ಮಾತನಾಡಿದರು. ನಮ್ಮ ಸ್ಮಾರಕಗಳು, ಶಾಸನಗಳು ನಮ್ಮ ಸಂಸ್ಕೃತಿಯ ಪ್ರತೀಕಗಳಾಗಿವೆ. ಅವುಗಳನ್ನು ಸಂರಕ್ಷಿಸುವ ಕಾರ್ಯ ಆಗಬೇಕು. ಯುವ ಪೀಳಿಗೆಗೆ ಇತಿಹಾಸದ ಅರಿವು ಮೂಡಿಸಬೇಕು ಎಂದರು. ಕಾರ್ಯಕ್ರಮದಲ್ಲಿ ಇತಿಹಾಸ ತಜ್ಞರು, ಉಪನ್ಯಾಸಕರು, ವಿದ್ಯಾರ್ಥಿಗಳು ಭಾಗವಹಿಸಿದ್ದರು.
